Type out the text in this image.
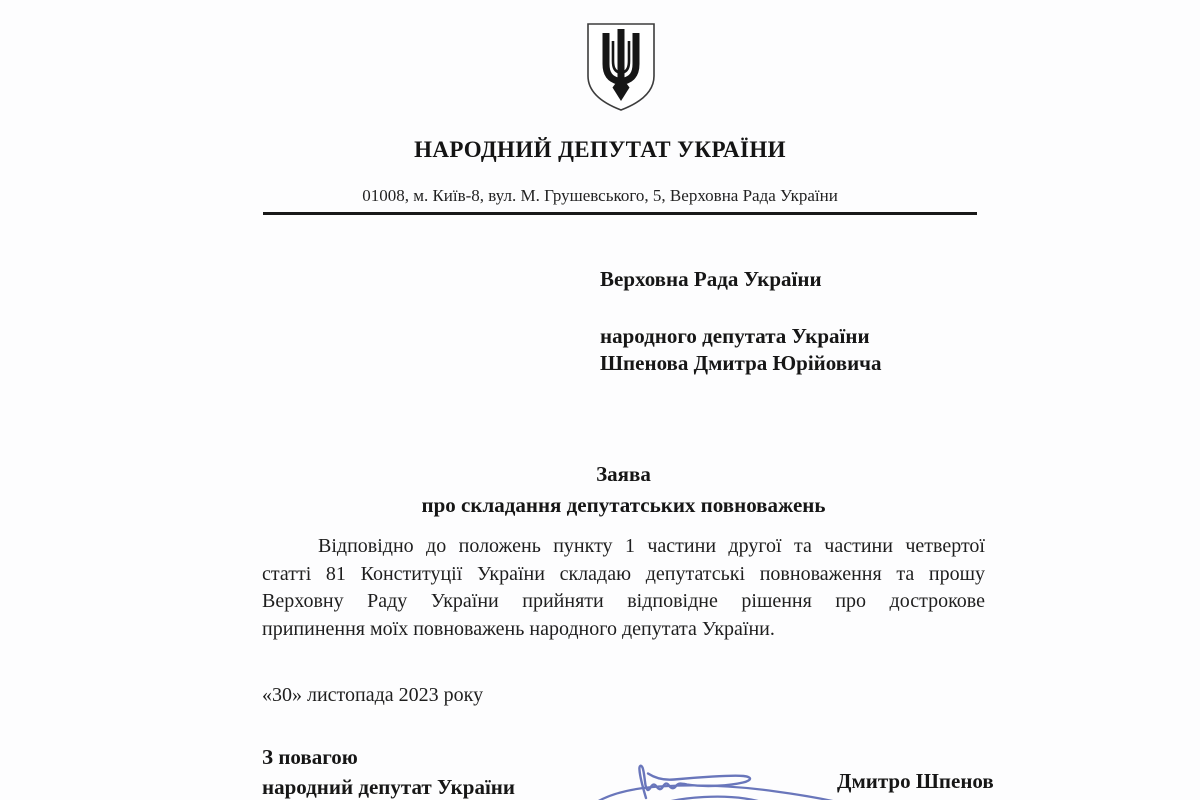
НАРОДНИЙ ДЕПУТАТ УКРАЇНИ
01008, м. Київ-8, вул. М. Грушевського, 5, Верховна Рада України
Верховна Рада України
народного депутата України
Шпенова Дмитра Юрійовича
Заява
про складання депутатських повноважень
Відповідно до положень пункту 1 частини другої та частини четвертої
статті 81 Конституції України складаю депутатські повноваження та прошу
Верховну Раду України прийняти відповідне рішення про дострокове
припинення моїх повноважень народного депутата України.
«30» листопада 2023 року
З повагою
народний депутат України	Дмитро Шпенов
